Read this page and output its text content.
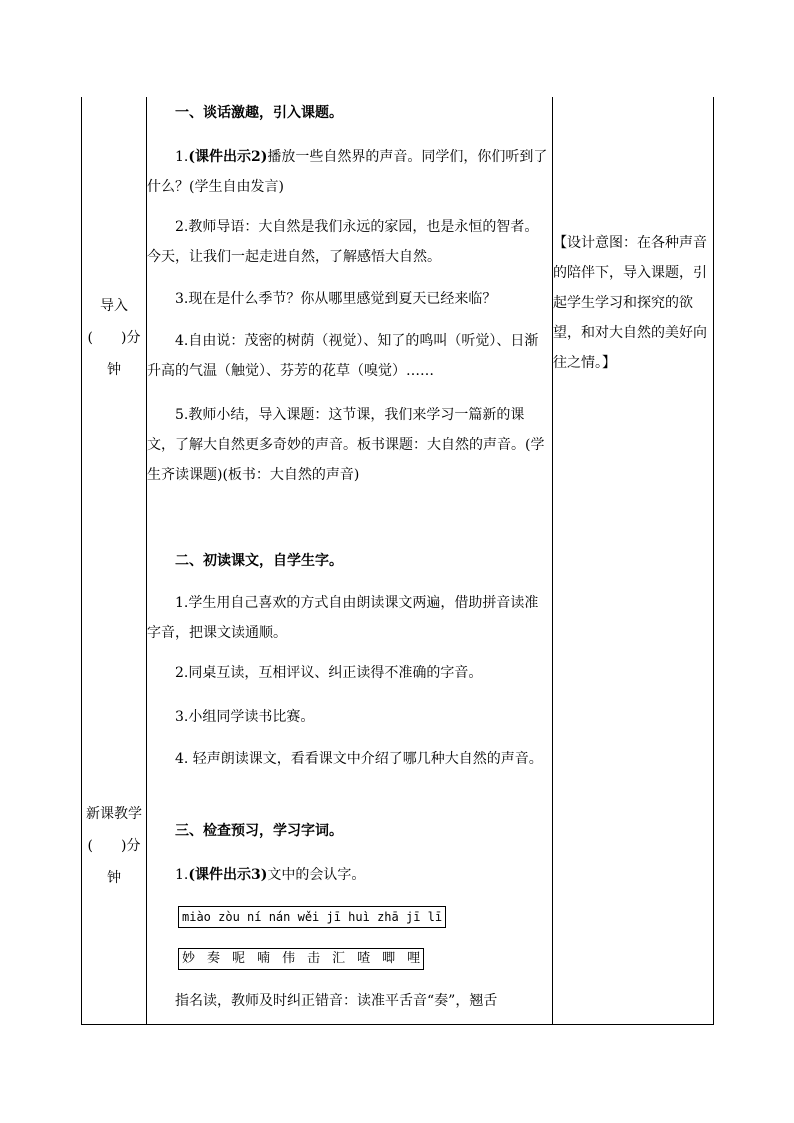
导入
(　　)分
钟
新课教学
(　　)分
钟
一、谈话激趣，引入课题。
1.(课件出示2)播放一些自然界的声音。同学们，你们听到了什么？(学生自由发言)
2.教师导语：大自然是我们永远的家园，也是永恒的智者。今天，让我们一起走进自然，了解感悟大自然。
3.现在是什么季节？你从哪里感觉到夏天已经来临？
4.自由说：茂密的树荫（视觉）、知了的鸣叫（听觉）、日渐升高的气温（触觉）、芬芳的花草（嗅觉）……
5.教师小结，导入课题：这节课，我们来学习一篇新的课文，了解大自然更多奇妙的声音。板书课题：大自然的声音。(学生齐读课题)(板书：大自然的声音)
二、初读课文，自学生字。
1.学生用自己喜欢的方式自由朗读课文两遍，借助拼音读准字音，把课文读通顺。
2.同桌互读，互相评议、纠正读得不准确的字音。
3.小组同学读书比赛。
4. 轻声朗读课文，看看课文中介绍了哪几种大自然的声音。
三、检查预习，学习字词。
1.(课件出示3)文中的会认字。
miào zòu ní nán wěi jī huì zhā jī lī
妙 奏 呢 喃 伟 击 汇 喳 唧 哩
指名读，教师及时纠正错音：读准平舌音“奏”，翘舌
【设计意图：在各种声音的陪伴下，导入课题，引起学生学习和探究的欲望，和对大自然的美好向往之情。】
